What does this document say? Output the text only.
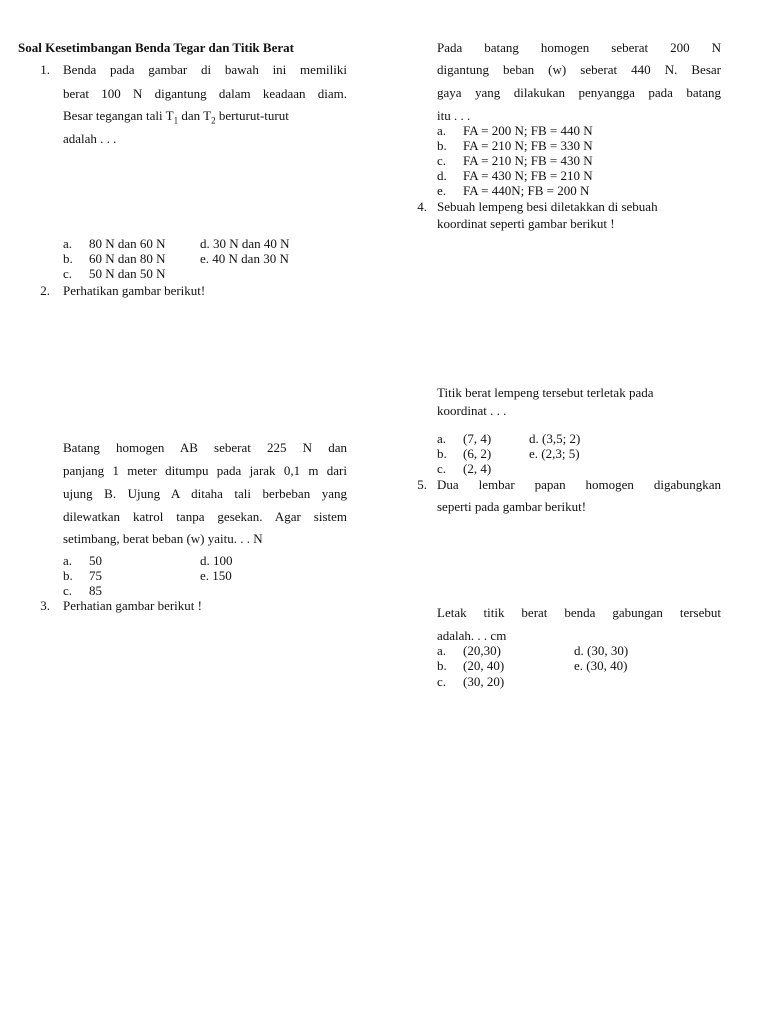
Soal Kesetimbangan Benda Tegar dan Titik Berat
1. Benda pada gambar di bawah ini memiliki
berat 100 N digantung dalam keadaan diam.
Besar tegangan tali $T_1$ dan $T_2$ berturut-turut
adalah . . .
a. 80 N dan 60 N
b. 60 N dan 80 N
c. 50 N dan 50 N
d. 30 N dan 40 N
e. 40 N dan 30 N
2. Perhatikan gambar berikut!
Batang homogen AB seberat 225 N dan
panjang 1 meter ditumpu pada jarak 0,1 m dari
ujung B. Ujung A ditaha tali berbeban yang
dilewatkan katrol tanpa gesekan. Agar sistem
setimbang, berat beban (w) yaitu. . . N
a. 50
b. 75
c. 85
d. 100
e. 150
3. Perhatian gambar berikut !
Pada batang homogen seberat 200 N
digantung beban (w) seberat 440 N. Besar
gaya yang dilakukan penyangga pada batang
itu . . .
a. FA = 200 N; FB = 440 N
b. FA = 210 N; FB = 330 N
c. FA = 210 N; FB = 430 N
d. FA = 430 N; FB = 210 N
e. FA = 440N; FB = 200 N
4. Sebuah lempeng besi diletakkan di sebuah
koordinat seperti gambar berikut !
Titik berat lempeng tersebut terletak pada
koordinat . . .
a. (7, 4)
b. (6, 2)
c. (2, 4)
d. (3,5; 2)
e. (2,3; 5)
5. Dua lembar papan homogen digabungkan
seperti pada gambar berikut!
Letak titik berat benda gabungan tersebut
adalah. . . cm
a. (20,30)
b. (20, 40)
c. (30, 20)
d. (30, 30)
e. (30, 40)
